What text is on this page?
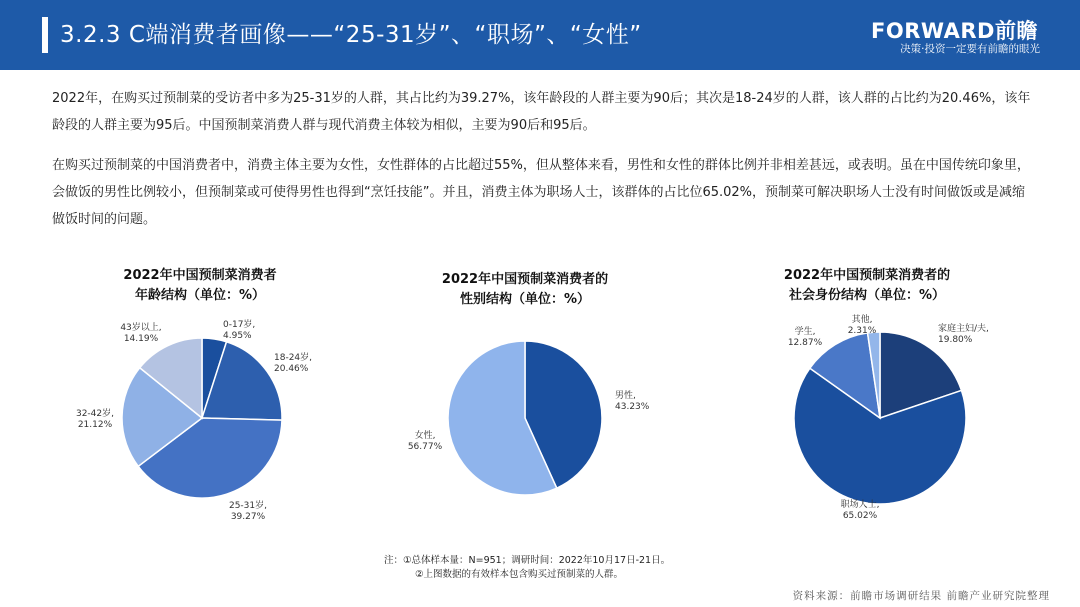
3.2.3 C端消费者画像——“25-31岁”、“职场”、“女性”	FORWARD前瞻
决策·投资一定要有前瞻的眼光

2022年，在购买过预制菜的受访者中多为25-31岁的人群，其占比约为39.27%，该年龄段的人群主要为90后；其次是18-24岁的人群，该人群的占比约为20.46%，该年龄段的人群主要为95后。中国预制菜消费人群与现代消费主体较为相似，主要为90后和95后。

在购买过预制菜的中国消费者中，消费主体主要为女性，女性群体的占比超过55%，但从整体来看，男性和女性的群体比例并非相差甚远，或表明。虽在中国传统印象里，会做饭的男性比例较小，但预制菜或可使得男性也得到“烹饪技能”。并且，消费主体为职场人士，该群体的占比位65.02%，预制菜可解决职场人士没有时间做饭或是减缩做饭时间的问题。

2022年中国预制菜消费者
年龄结构（单位：%）
2022年中国预制菜消费者的
性别结构（单位：%）
2022年中国预制菜消费者的
社会身份结构（单位：%）
0-17岁, 4.95%
18-24岁, 20.46%
25-31岁, 39.27%
32-42岁, 21.12%
43岁以上, 14.19%
男性, 43.23%
女性, 56.77%
家庭主妇/夫, 19.80%
职场人士, 65.02%
学生, 12.87%
其他, 2.31%
注：①总体样本量：N=951；调研时间：2022年10月17日-21日。
②上图数据的有效样本包含购买过预制菜的人群。
资料来源：前瞻市场调研结果 前瞻产业研究院整理
